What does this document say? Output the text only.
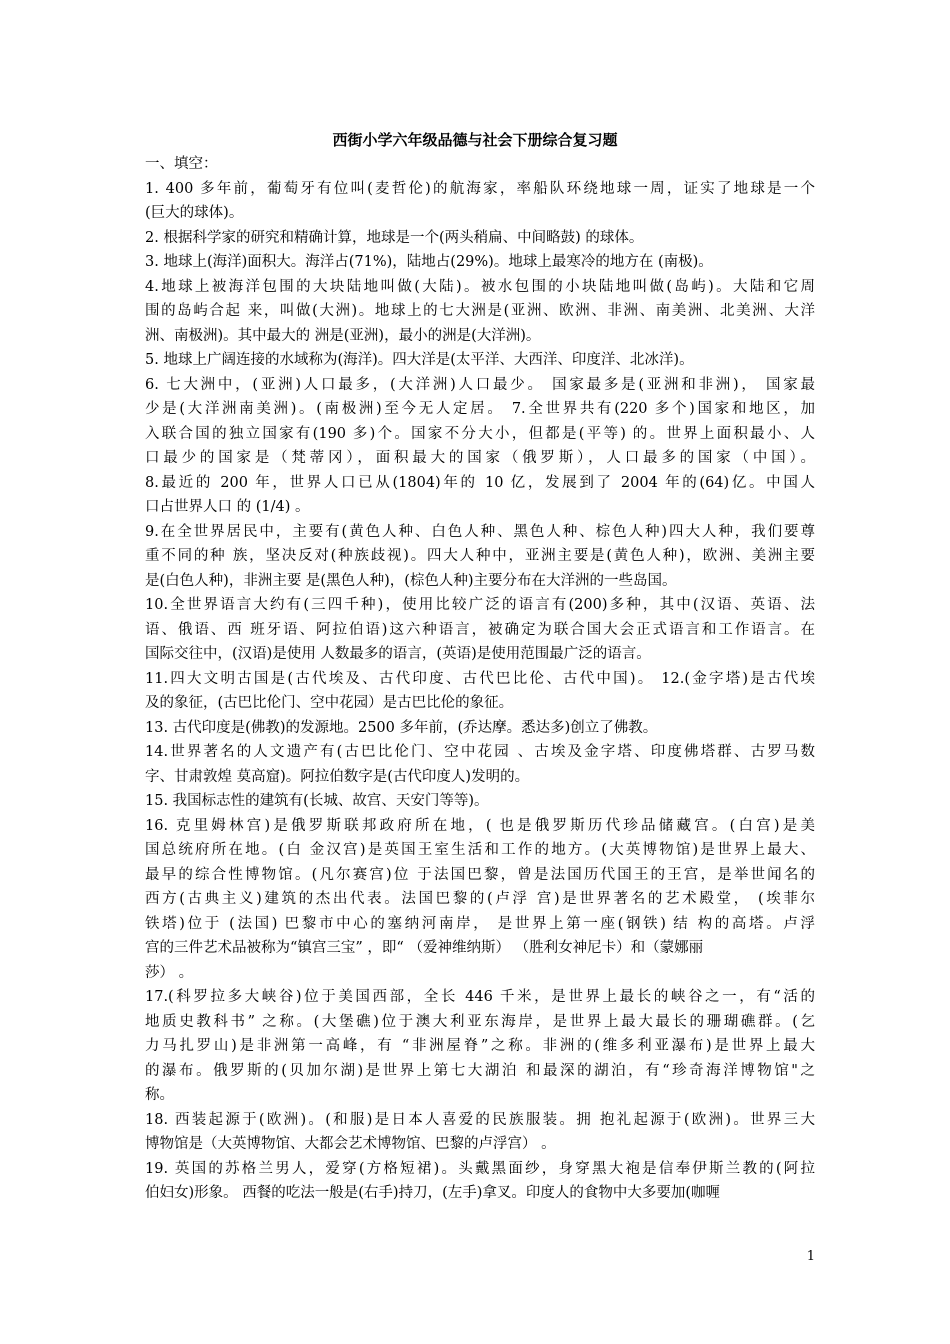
西街小学六年级品德与社会下册综合复习题
一、填空：
1. 400 多年前，葡萄牙有位叫(麦哲伦)的航海家，率船队环绕地球一周，证实了地球是一个
(巨大的球体)。
2. 根据科学家的研究和精确计算，地球是一个(两头稍扁、中间略鼓) 的球体。
3. 地球上(海洋)面积大。海洋占(71%)，陆地占(29%)。地球上最寒冷的地方在 (南极)。
4.地球上被海洋包围的大块陆地叫做(大陆)。被水包围的小块陆地叫做(岛屿)。大陆和它周
围的岛屿合起 来，叫做(大洲)。地球上的七大洲是(亚洲、欧洲、非洲、南美洲、北美洲、大洋
洲、南极洲)。其中最大的 洲是(亚洲)，最小的洲是(大洋洲)。
5. 地球上广阔连接的水域称为(海洋)。四大洋是(太平洋、大西洋、印度洋、北冰洋)。
6. 七大洲中，(亚洲)人口最多，(大洋洲)人口最少。 国家最多是(亚洲和非洲)， 国家最
少是(大洋洲南美洲)。(南极洲)至今无人定居。 7.全世界共有(220 多个)国家和地区，加
入联合国的独立国家有(190 多)个。国家不分大小，但都是(平等) 的。世界上面积最小、人
口最少的国家是（梵蒂冈），面积最大的国家（俄罗斯），人口最多的国家（中国）。
8.最近的 200 年，世界人口已从(1804)年的 10 亿，发展到了 2004 年的(64)亿。中国人
口占世界人口 的 (1/4) 。
9.在全世界居民中，主要有(黄色人种、白色人种、黑色人种、棕色人种)四大人种，我们要尊
重不同的种 族，坚决反对(种族歧视)。四大人种中，亚洲主要是(黄色人种)，欧洲、美洲主要
是(白色人种)，非洲主要 是(黑色人种)，(棕色人种)主要分布在大洋洲的一些岛国。
10.全世界语言大约有(三四千种)，使用比较广泛的语言有(200)多种，其中(汉语、英语、法
语、俄语、西 班牙语、阿拉伯语)这六种语言，被确定为联合国大会正式语言和工作语言。在
国际交往中，(汉语)是使用 人数最多的语言，(英语)是使用范围最广泛的语言。
11.四大文明古国是(古代埃及、古代印度、古代巴比伦、古代中国)。 12.(金字塔)是古代埃
及的象征，(古巴比伦门、空中花园）是古巴比伦的象征。
13. 古代印度是(佛教)的发源地。2500 多年前，(乔达摩。悉达多)创立了佛教。
14.世界著名的人文遗产有(古巴比伦门、空中花园 、古埃及金字塔、印度佛塔群、古罗马数
字、甘肃敦煌 莫高窟)。阿拉伯数字是(古代印度人)发明的。
15. 我国标志性的建筑有(长城、故宫、天安门等等)。
16. 克里姆林宫)是俄罗斯联邦政府所在地，( 也是俄罗斯历代珍品储藏宫。(白宫)是美
国总统府所在地。(白 金汉宫)是英国王室生活和工作的地方。(大英博物馆)是世界上最大、
最早的综合性博物馆。(凡尔赛宫)位 于法国巴黎，曾是法国历代国王的王宫，是举世闻名的
西方(古典主义)建筑的杰出代表。法国巴黎的(卢浮 宫)是世界著名的艺术殿堂， (埃菲尔
铁塔)位于 (法国) 巴黎市中心的塞纳河南岸， 是世界上第一座(钢铁) 结 构的高塔。卢浮
宫的三件艺术品被称为“镇宫三宝” ，即“ （爱神维纳斯） （胜利女神尼卡）和（蒙娜丽
莎） 。
17.(科罗拉多大峡谷)位于美国西部，全长 446 千米，是世界上最长的峡谷之一，有“活的
地质史教科书” 之称。(大堡礁)位于澳大利亚东海岸，是世界上最大最长的珊瑚礁群。(乞
力马扎罗山)是非洲第一高峰，有 “非洲屋脊”之称。非洲的(维多利亚瀑布)是世界上最大
的瀑布。俄罗斯的(贝加尔湖)是世界上第七大湖泊 和最深的湖泊，有“珍奇海洋博物馆"之
称。
18. 西装起源于(欧洲)。(和服)是日本人喜爱的民族服装。拥 抱礼起源于(欧洲)。世界三大
博物馆是（大英博物馆、大都会艺术博物馆、巴黎的卢浮宫） 。
19. 英国的苏格兰男人，爱穿(方格短裙)。头戴黑面纱，身穿黑大袍是信奉伊斯兰教的(阿拉
伯妇女)形象。 西餐的吃法一般是(右手)持刀，(左手)拿叉。印度人的食物中大多要加(咖喱
1
